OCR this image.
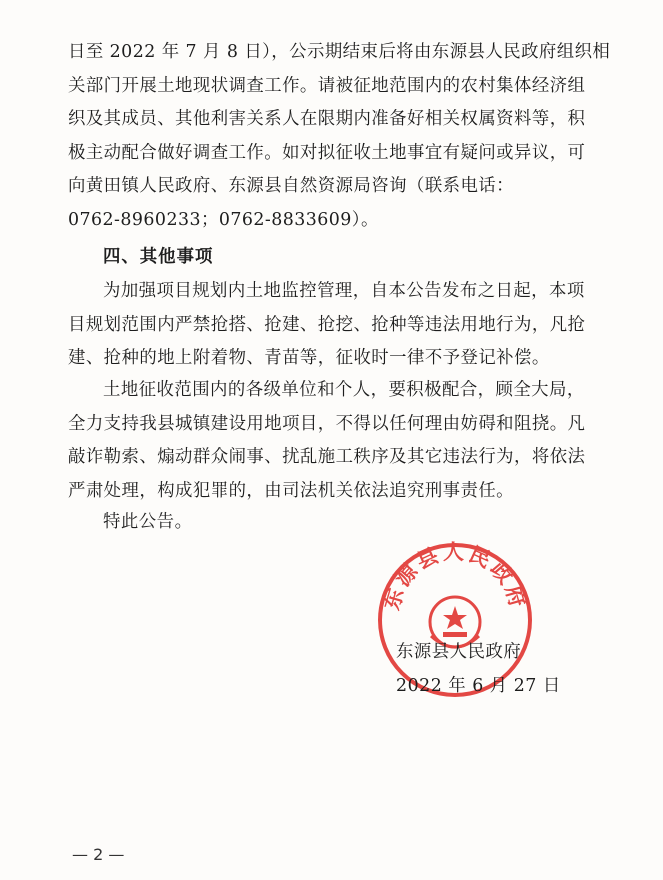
日至 2022 年 7 月 8 日），公示期结束后将由东源县人民政府组织相
关部门开展土地现状调查工作。请被征地范围内的农村集体经济组
织及其成员、其他利害关系人在限期内准备好相关权属资料等，积
极主动配合做好调查工作。如对拟征收土地事宜有疑问或异议，可
向黄田镇人民政府、东源县自然资源局咨询（联系电话：
0762-8960233；0762-8833609）。
四、其他事项
为加强项目规划内土地监控管理，自本公告发布之日起，本项
目规划范围内严禁抢搭、抢建、抢挖、抢种等违法用地行为，凡抢
建、抢种的地上附着物、青苗等，征收时一律不予登记补偿。
土地征收范围内的各级单位和个人，要积极配合，顾全大局，
全力支持我县城镇建设用地项目，不得以任何理由妨碍和阻挠。凡
敲诈勒索、煽动群众闹事、扰乱施工秩序及其它违法行为，将依法
严肃处理，构成犯罪的，由司法机关依法追究刑事责任。
特此公告。
东源县人民政府
东源县人民政府
2022 年 6 月 27 日
— 2 —
